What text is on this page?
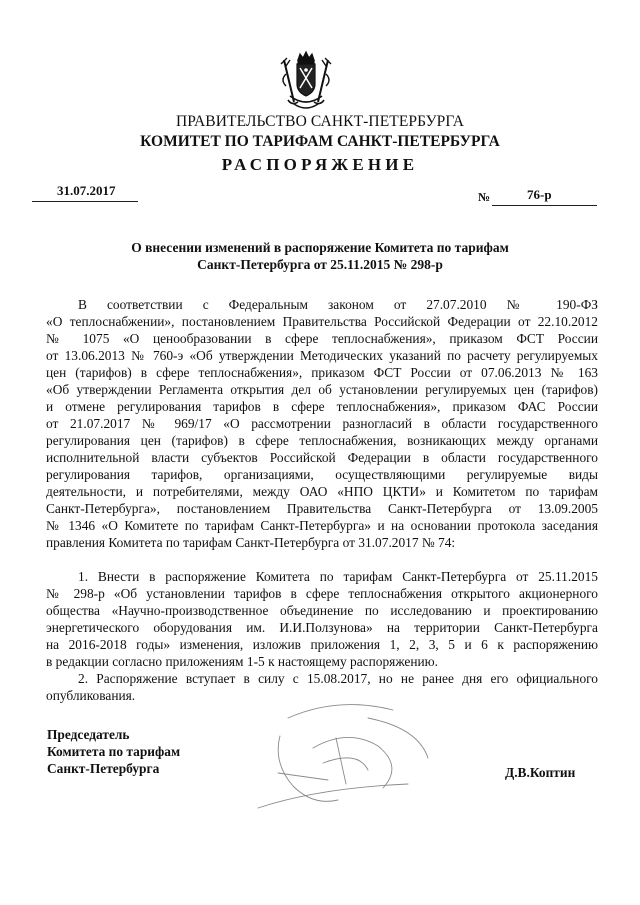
ПРАВИТЕЛЬСТВО САНКТ-ПЕТЕРБУРГА
КОМИТЕТ ПО ТАРИФАМ САНКТ-ПЕТЕРБУРГА
РАСПОРЯЖЕНИЕ
31.07.2017	№	76-р
О внесении изменений в распоряжение Комитета по тарифам
Санкт-Петербурга от 25.11.2015 № 298-р
В соответствии с Федеральным законом от 27.07.2010 № 190-ФЗ
«О теплоснабжении», постановлением Правительства Российской Федерации от 22.10.2012
№ 1075 «О ценообразовании в сфере теплоснабжения», приказом ФСТ России
от 13.06.2013 № 760-э «Об утверждении Методических указаний по расчету регулируемых
цен (тарифов) в сфере теплоснабжения», приказом ФСТ России от 07.06.2013 № 163
«Об утверждении Регламента открытия дел об установлении регулируемых цен (тарифов)
и отмене регулирования тарифов в сфере теплоснабжения», приказом ФАС России
от 21.07.2017 № 969/17 «О рассмотрении разногласий в области государственного
регулирования цен (тарифов) в сфере теплоснабжения, возникающих между органами
исполнительной власти субъектов Российской Федерации в области государственного
регулирования тарифов, организациями, осуществляющими регулируемые виды
деятельности, и потребителями, между ОАО «НПО ЦКТИ» и Комитетом по тарифам
Санкт-Петербурга», постановлением Правительства Санкт-Петербурга от 13.09.2005
№ 1346 «О Комитете по тарифам Санкт-Петербурга» и на основании протокола заседания
правления Комитета по тарифам Санкт-Петербурга от 31.07.2017 № 74:
1. Внести в распоряжение Комитета по тарифам Санкт-Петербурга от 25.11.2015
№ 298-р «Об установлении тарифов в сфере теплоснабжения открытого акционерного
общества «Научно-производственное объединение по исследованию и проектированию
энергетического оборудования им. И.И.Ползунова» на территории Санкт-Петербурга
на 2016-2018 годы» изменения, изложив приложения 1, 2, 3, 5 и 6 к распоряжению
в редакции согласно приложениям 1-5 к настоящему распоряжению.
2. Распоряжение вступает в силу с 15.08.2017, но не ранее дня его официального
опубликования.
Председатель
Комитета по тарифам
Санкт-Петербурга	Д.В.Коптин
